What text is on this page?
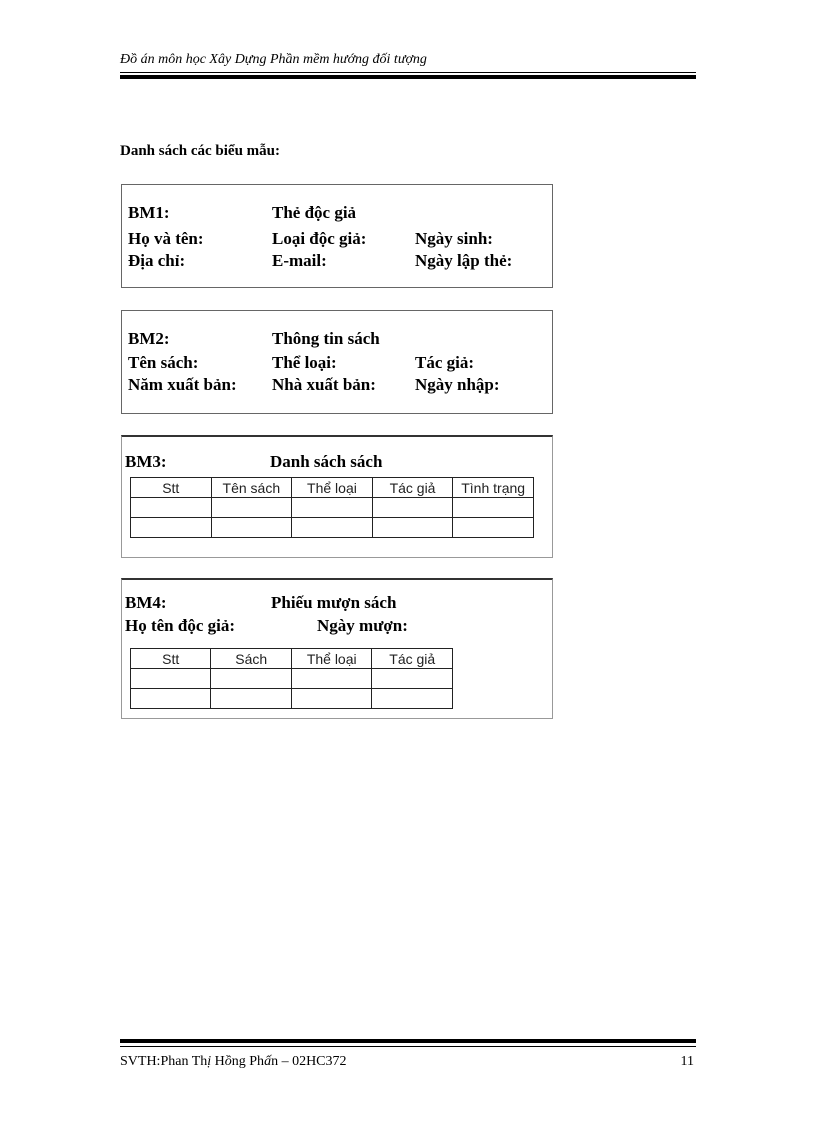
Đồ án môn học Xây Dựng Phần mềm hướng đối tượng
Danh sách các biểu mẫu:
BM1:	Thẻ độc giả
Họ và tên:	Loại độc giả:	Ngày sinh:
Địa chỉ:	E-mail:	Ngày lập thẻ:
BM2:	Thông tin sách
Tên sách:	Thể loại:	Tác giả:
Năm xuất bản: Nhà xuất bản: Ngày nhập:
BM3:	Danh sách sách
Stt	Tên sách	Thể loại	Tác giả	Tình trạng

BM4:	Phiếu mượn sách
Họ tên độc giả:	Ngày mượn:
Stt	Sách	Thể loại	Tác giả

SVTH:Phan Thị Hồng Phấn – 02HC372	11
